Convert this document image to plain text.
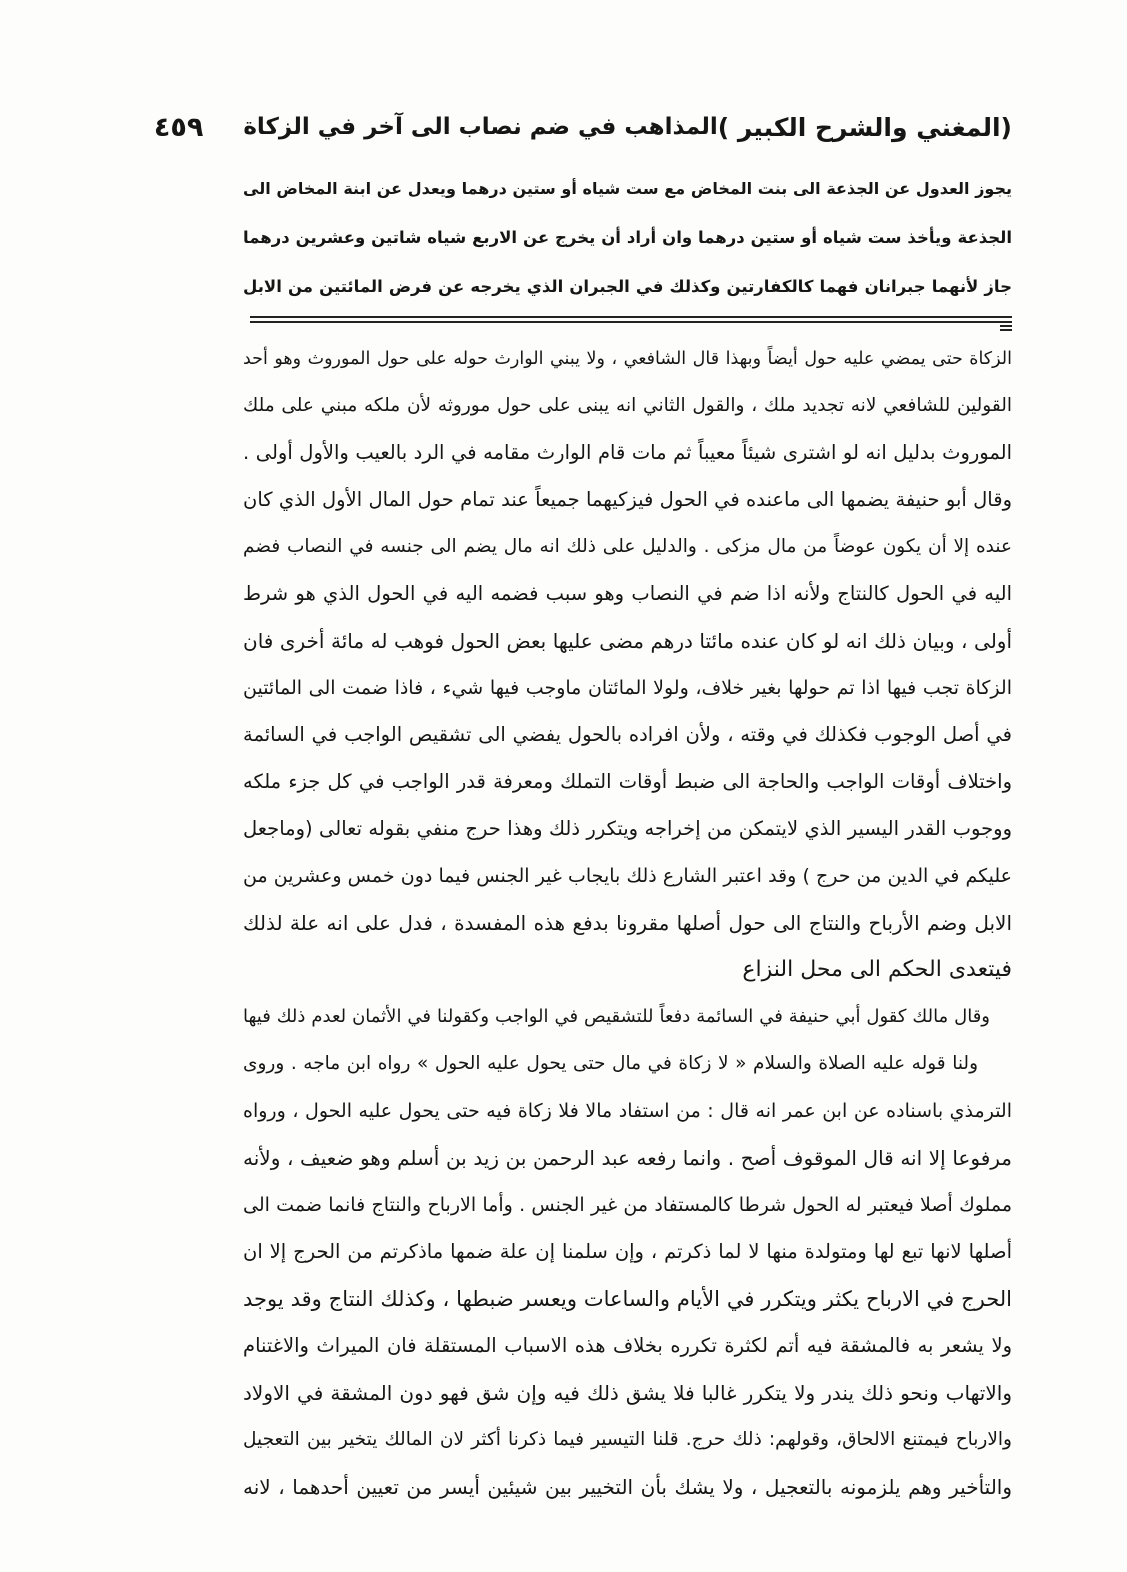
(المغني والشرح الكبير )
المذاهب في ضم نصاب الى آخر في الزكاة
٤٥٩
يجوز العدول عن الجذعة الى بنت المخاض مع ست شياه أو ستين درهما ويعدل عن ابنة المخاض الى
الجذعة ويأخذ ست شياه أو ستين درهما وان أراد أن يخرج عن الاربع شياه شاتين وعشرين درهما
جاز لأنهما جبرانان فهما كالكفارتين وكذلك في الجبران الذي يخرجه عن فرض المائتين من الابل
الزكاة حتى يمضي عليه حول أيضاً وبهذا قال الشافعي ، ولا يبني الوارث حوله على حول الموروث وهو أحد
القولين للشافعي لانه تجديد ملك ، والقول الثاني انه يبنى على حول موروثه لأن ملكه مبني على ملك
الموروث بدليل انه لو اشترى شيئاً معيباً ثم مات قام الوارث مقامه في الرد بالعيب والأول أولى .
وقال أبو حنيفة يضمها الى ماعنده في الحول فيزكيهما جميعاً عند تمام حول المال الأول الذي كان
عنده إلا أن يكون عوضاً من مال مزكى . والدليل على ذلك انه مال يضم الى جنسه في النصاب فضم
اليه في الحول كالنتاج ولأنه اذا ضم في النصاب وهو سبب فضمه اليه في الحول الذي هو شرط
أولى ، وبيان ذلك انه لو كان عنده مائتا درهم مضى عليها بعض الحول فوهب له مائة أخرى فان
الزكاة تجب فيها اذا تم حولها بغير خلاف، ولولا المائتان ماوجب فيها شيء ، فاذا ضمت الى المائتين
في أصل الوجوب فكذلك في وقته ، ولأن افراده بالحول يفضي الى تشقيص الواجب في السائمة
واختلاف أوقات الواجب والحاجة الى ضبط أوقات التملك ومعرفة قدر الواجب في كل جزء ملكه
ووجوب القدر اليسير الذي لايتمكن من إخراجه ويتكرر ذلك وهذا حرج منفي بقوله تعالى (وماجعل
عليكم في الدين من حرج ) وقد اعتبر الشارع ذلك بايجاب غير الجنس فيما دون خمس وعشرين من
الابل وضم الأرباح والنتاج الى حول أصلها مقرونا بدفع هذه المفسدة ، فدل على انه علة لذلك
فيتعدى الحكم الى محل النزاع
وقال مالك كقول أبي حنيفة في السائمة دفعاً للتشقيص في الواجب وكقولنا في الأثمان لعدم ذلك فيها
ولنا قوله عليه الصلاة والسلام « لا زكاة في مال حتى يحول عليه الحول » رواه ابن ماجه . وروى
الترمذي باسناده عن ابن عمر انه قال : من استفاد مالا فلا زكاة فيه حتى يحول عليه الحول ، ورواه
مرفوعا إلا انه قال الموقوف أصح . وانما رفعه عبد الرحمن بن زيد بن أسلم وهو ضعيف ، ولأنه
مملوك أصلا فيعتبر له الحول شرطا كالمستفاد من غير الجنس . وأما الارباح والنتاج فانما ضمت الى
أصلها لانها تبع لها ومتولدة منها لا لما ذكرتم ، وإن سلمنا إن علة ضمها ماذكرتم من الحرج إلا ان
الحرج في الارباح يكثر ويتكرر في الأيام والساعات ويعسر ضبطها ، وكذلك النتاج وقد يوجد
ولا يشعر به فالمشقة فيه أتم لكثرة تكرره بخلاف هذه الاسباب المستقلة فان الميراث والاغتنام
والاتهاب ونحو ذلك يندر ولا يتكرر غالبا فلا يشق ذلك فيه وإن شق فهو دون المشقة في الاولاد
والارباح فيمتنع الالحاق، وقولهم: ذلك حرج. قلنا التيسير فيما ذكرنا أكثر لان المالك يتخير بين التعجيل
والتأخير وهم يلزمونه بالتعجيل ، ولا يشك بأن التخيير بين شيئين أيسر من تعيين أحدهما ، لانه
